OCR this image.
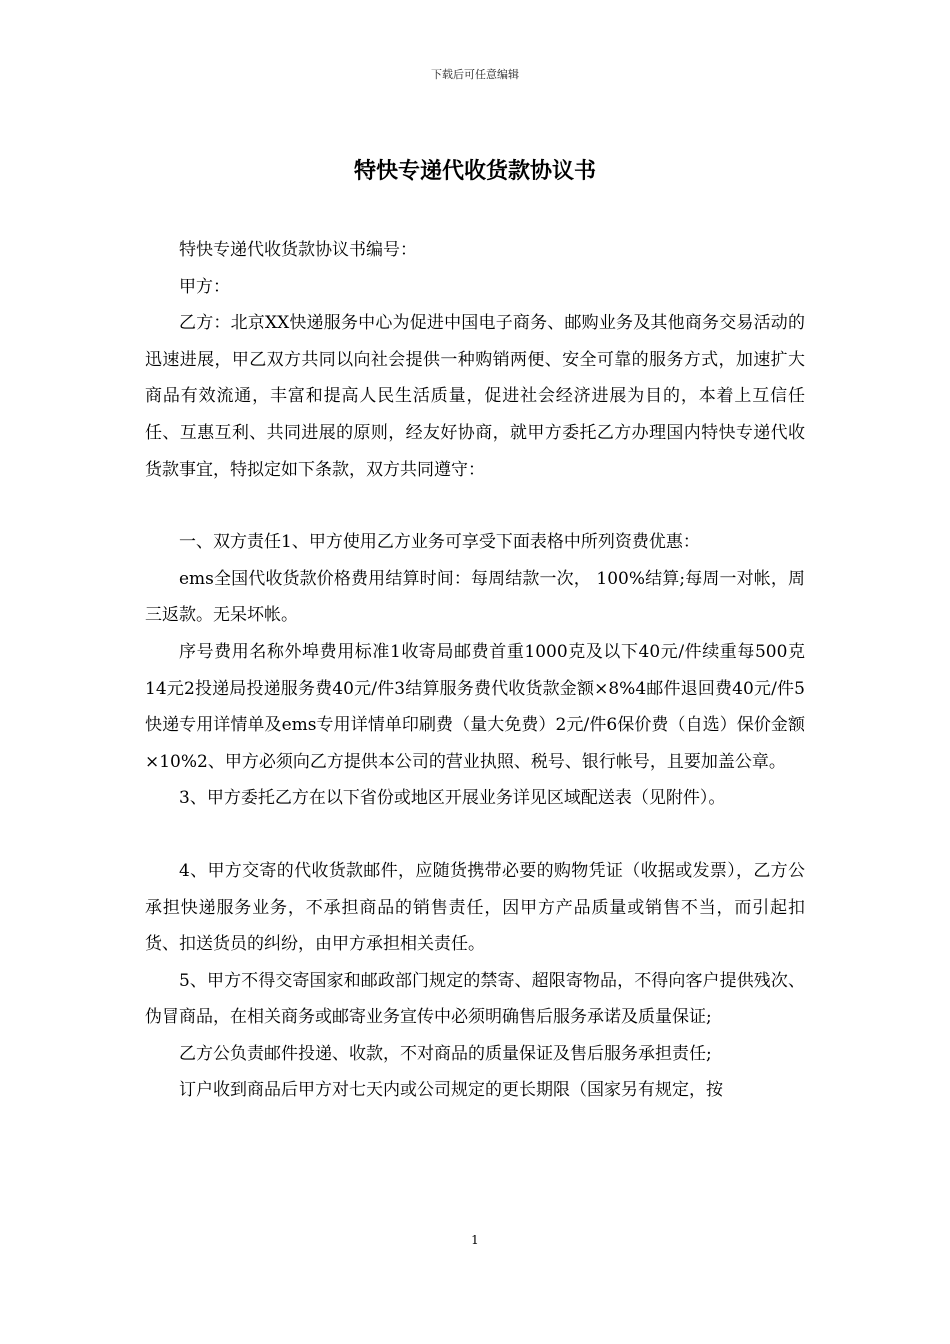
下载后可任意编辑
特快专递代收货款协议书

特快专递代收货款协议书编号：

甲方：

乙方：北京XX快递服务中心为促进中国电子商务、邮购业务及其他商务交易活动的迅速进展，甲乙双方共同以向社会提供一种购销两便、安全可靠的服务方式，加速扩大商品有效流通，丰富和提高人民生活质量，促进社会经济进展为目的，本着上互信任任、互惠互利、共同进展的原则，经友好协商，就甲方委托乙方办理国内特快专递代收货款事宜，特拟定如下条款，双方共同遵守：

一、双方责任1、甲方使用乙方业务可享受下面表格中所列资费优惠：

ems全国代收货款价格费用结算时间：每周结款一次， 100%结算;每周一对帐，周三返款。无呆坏帐。

序号费用名称外埠费用标准1收寄局邮费首重1000克及以下40元/件续重每500克14元2投递局投递服务费40元/件3结算服务费代收货款金额×8%4邮件退回费40元/件5快递专用详情单及ems专用详情单印刷费（量大免费）2元/件6保价费（自选）保价金额×10%2、甲方必须向乙方提供本公司的营业执照、税号、银行帐号，且要加盖公章。

3、甲方委托乙方在以下省份或地区开展业务详见区域配送表（见附件）。

4、甲方交寄的代收货款邮件，应随货携带必要的购物凭证（收据或发票），乙方公承担快递服务业务，不承担商品的销售责任，因甲方产品质量或销售不当，而引起扣货、扣送货员的纠纷，由甲方承担相关责任。

5、甲方不得交寄国家和邮政部门规定的禁寄、超限寄物品，不得向客户提供残次、伪冒商品，在相关商务或邮寄业务宣传中必须明确售后服务承诺及质量保证;

乙方公负责邮件投递、收款，不对商品的质量保证及售后服务承担责任;

订户收到商品后甲方对七天内或公司规定的更长期限（国家另有规定，按

1
